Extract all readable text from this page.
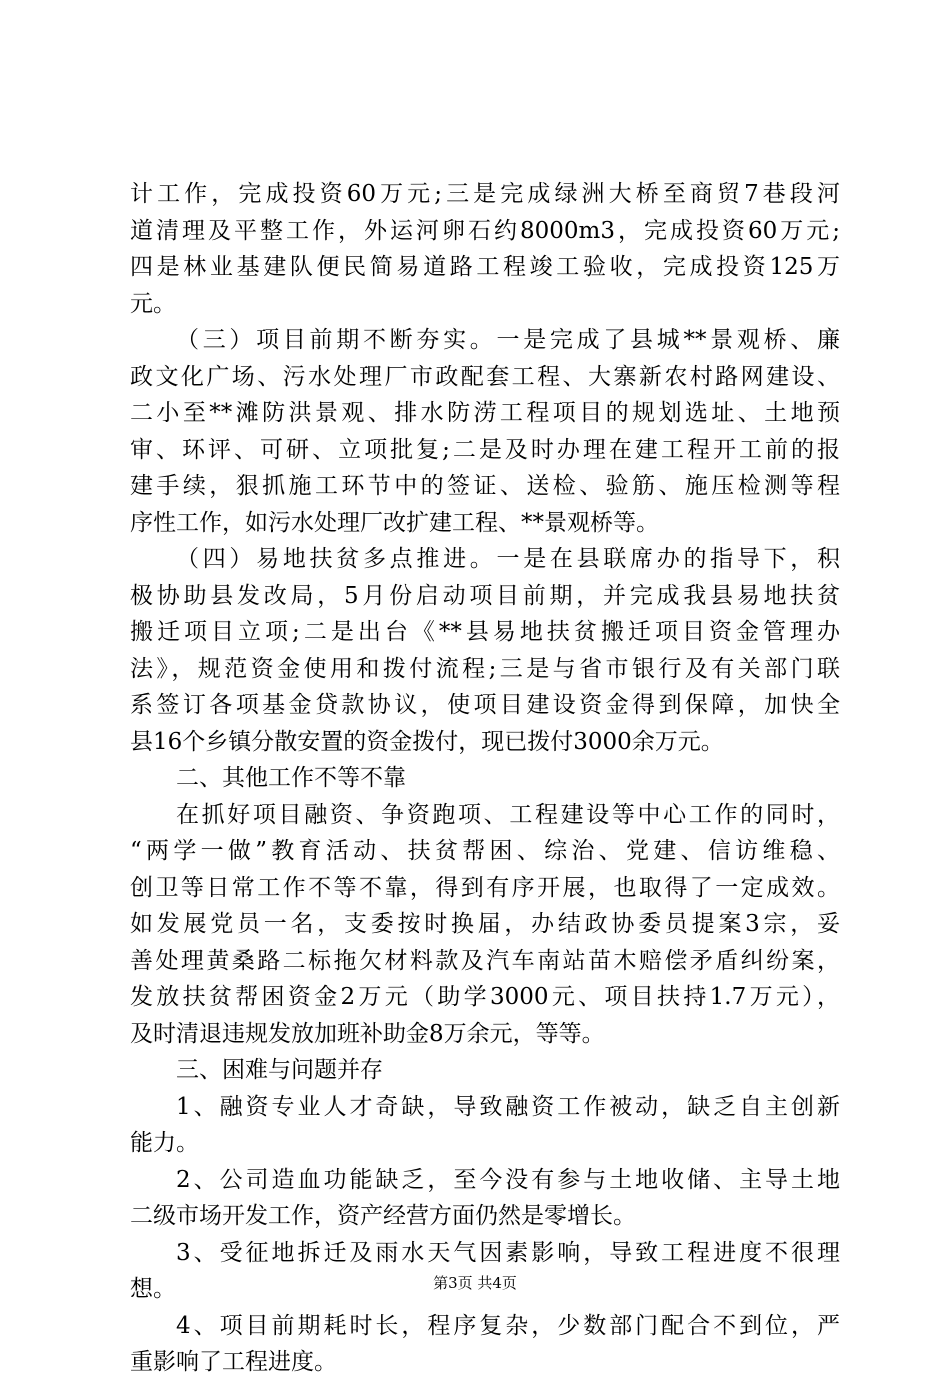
计工作，完成投资60万元;三是完成绿洲大桥至商贸7巷段河
道清理及平整工作，外运河卵石约8000m3，完成投资60万元;
四是林业基建队便民简易道路工程竣工验收，完成投资125万
元。
（三）项目前期不断夯实。一是完成了县城**景观桥、廉
政文化广场、污水处理厂市政配套工程、大寨新农村路网建设、
二小至**滩防洪景观、排水防涝工程项目的规划选址、土地预
审、环评、可研、立项批复;二是及时办理在建工程开工前的报
建手续，狠抓施工环节中的签证、送检、验筋、施压检测等程
序性工作，如污水处理厂改扩建工程、**景观桥等。
（四）易地扶贫多点推进。一是在县联席办的指导下，积
极协助县发改局，5月份启动项目前期，并完成我县易地扶贫
搬迁项目立项;二是出台《**县易地扶贫搬迁项目资金管理办
法》，规范资金使用和拨付流程;三是与省市银行及有关部门联
系签订各项基金贷款协议，使项目建设资金得到保障，加快全
县16个乡镇分散安置的资金拨付，现已拨付3000余万元。
二、其他工作不等不靠
在抓好项目融资、争资跑项、工程建设等中心工作的同时，
“两学一做”教育活动、扶贫帮困、综治、党建、信访维稳、
创卫等日常工作不等不靠，得到有序开展，也取得了一定成效。
如发展党员一名，支委按时换届，办结政协委员提案3宗，妥
善处理黄桑路二标拖欠材料款及汽车南站苗木赔偿矛盾纠纷案，
发放扶贫帮困资金2万元（助学3000元、项目扶持1.7万元），
及时清退违规发放加班补助金8万余元，等等。
三、困难与问题并存
1、融资专业人才奇缺，导致融资工作被动，缺乏自主创新
能力。
2、公司造血功能缺乏，至今没有参与土地收储、主导土地
二级市场开发工作，资产经营方面仍然是零增长。
3、受征地拆迁及雨水天气因素影响，导致工程进度不很理
想。
4、项目前期耗时长，程序复杂，少数部门配合不到位，严
重影响了工程进度。
第3页 共4页
